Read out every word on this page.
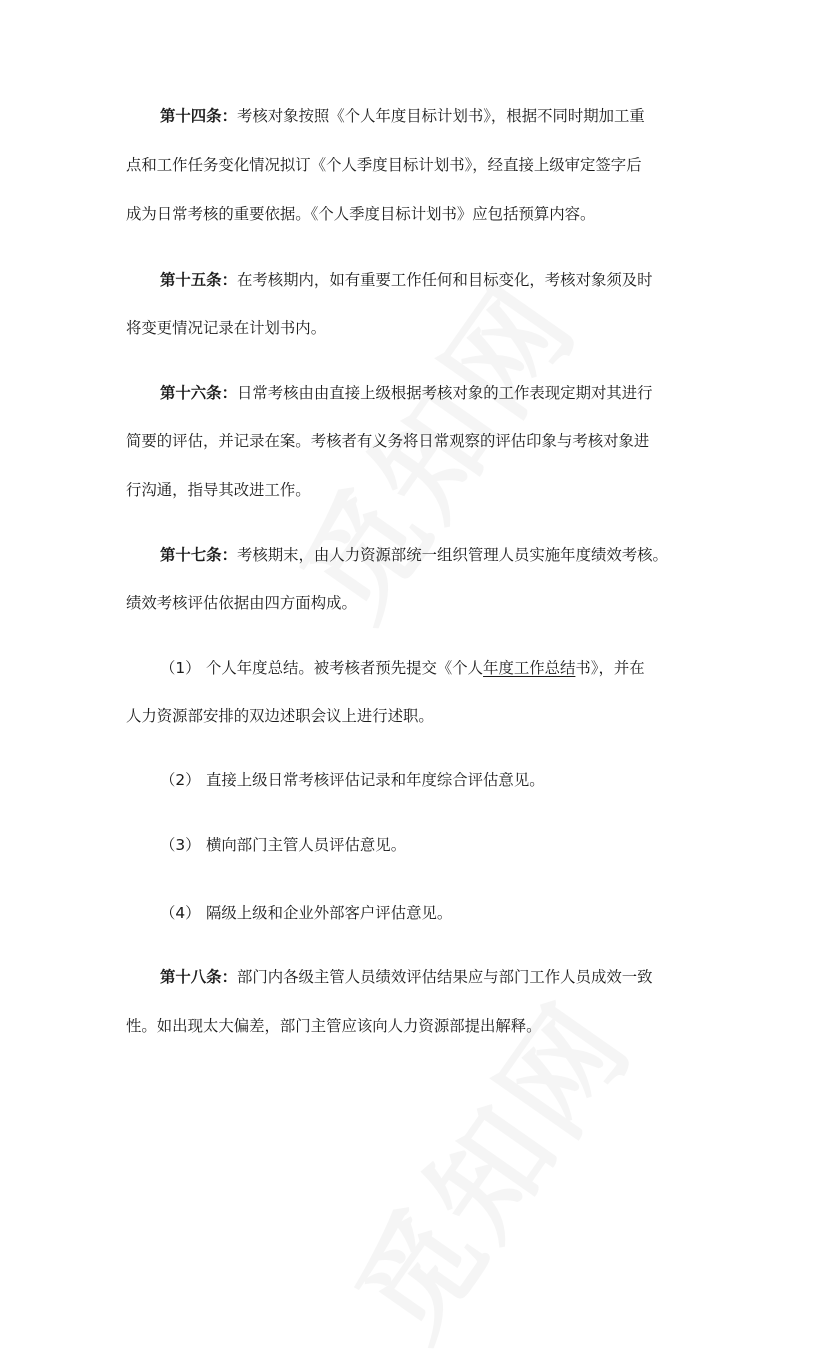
第十四条：考核对象按照《个人年度目标计划书》，根据不同时期加工重
点和工作任务变化情况拟订《个人季度目标计划书》，经直接上级审定签字后
成为日常考核的重要依据。《个人季度目标计划书》应包括预算内容。
第十五条：在考核期内，如有重要工作任何和目标变化，考核对象须及时
将变更情况记录在计划书内。
第十六条：日常考核由由直接上级根据考核对象的工作表现定期对其进行
简要的评估，并记录在案。考核者有义务将日常观察的评估印象与考核对象进
行沟通，指导其改进工作。
第十七条：考核期末，由人力资源部统一组织管理人员实施年度绩效考核。
绩效考核评估依据由四方面构成。
（1） 个人年度总结。被考核者预先提交《个人年度工作总结书》，并在
人力资源部安排的双边述职会议上进行述职。
（2） 直接上级日常考核评估记录和年度综合评估意见。
（3） 横向部门主管人员评估意见。
（4） 隔级上级和企业外部客户评估意见。
第十八条：部门内各级主管人员绩效评估结果应与部门工作人员成效一致
性。如出现太大偏差，部门主管应该向人力资源部提出解释。
